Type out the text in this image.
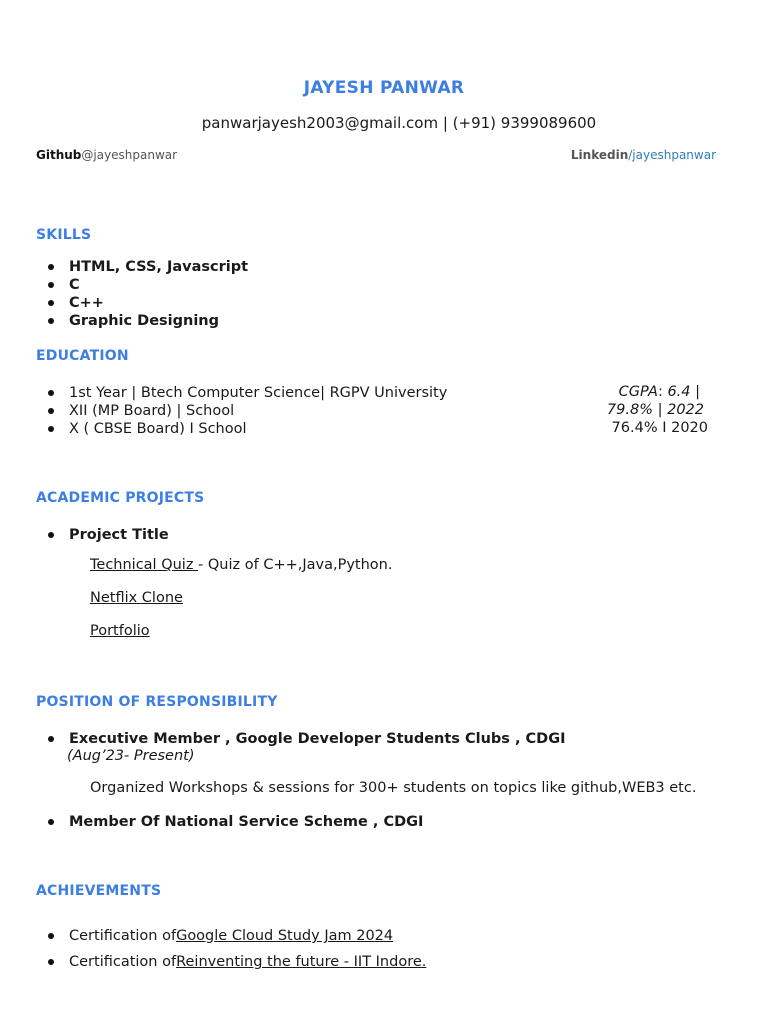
JAYESH PANWAR
panwarjayesh2003@gmail.com | (+91) 9399089600
Github@jayeshpanwar	Linkedin/jayeshpanwar
SKILLS
HTML, CSS, Javascript
C
C++
Graphic Designing
EDUCATION
1st Year | Btech Computer Science| RGPV University
XII (MP Board) | School
X ( CBSE Board) I School
CGPA: 6.4 |
79.8% | 2022
76.4% I 2020
ACADEMIC PROJECTS
Project Title
Technical Quiz - Quiz of C++,Java,Python.
Netflix Clone
Portfolio
POSITION OF RESPONSIBILITY
Executive Member , Google Developer Students Clubs , CDGI
(Aug’23- Present)
Organized Workshops & sessions for 300+ students on topics like github,WEB3 etc.
Member Of National Service Scheme , CDGI
ACHIEVEMENTS
Certification of Google Cloud Study Jam 2024
Certification of Reinventing the future - IIT Indore.
